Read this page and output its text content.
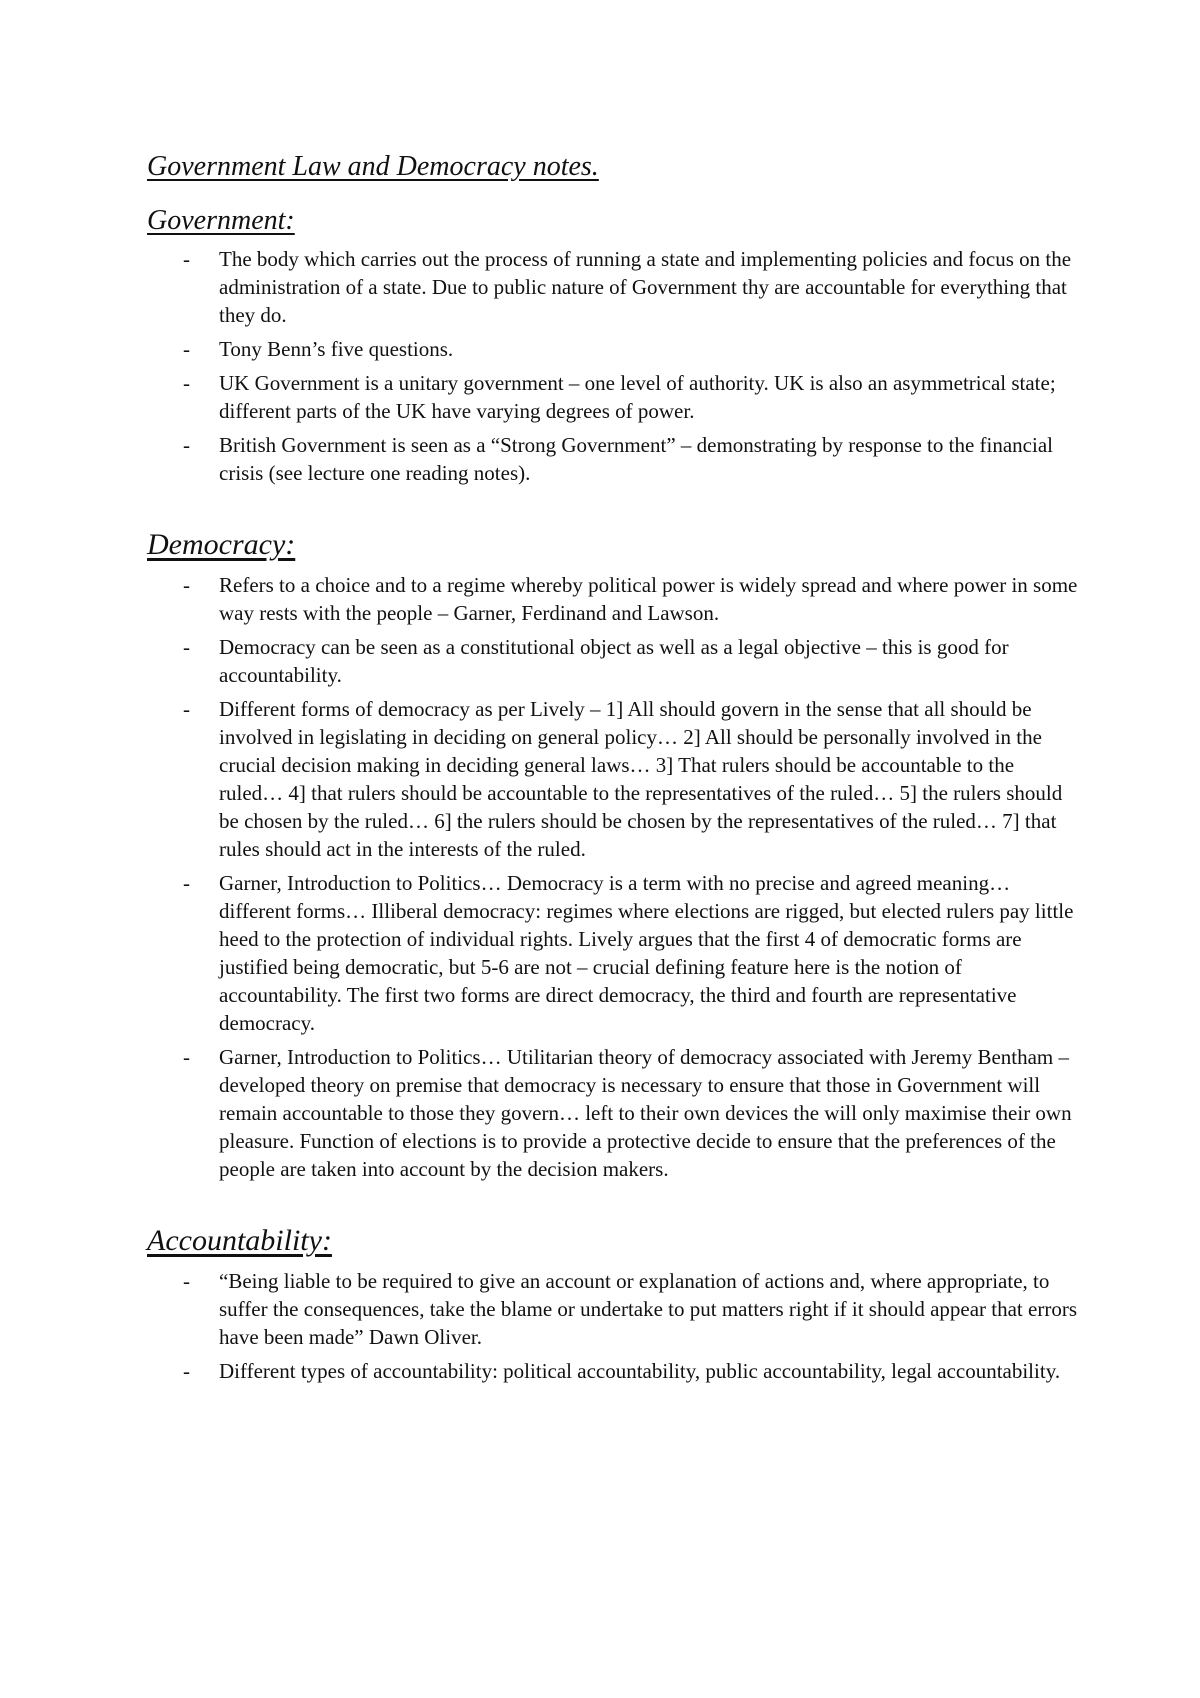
Government Law and Democracy notes.
Government:
- The body which carries out the process of running a state and implementing policies and focus on the administration of a state. Due to public nature of Government thy are accountable for everything that they do.
- Tony Benn’s five questions.
- UK Government is a unitary government – one level of authority. UK is also an asymmetrical state; different parts of the UK have varying degrees of power.
- British Government is seen as a “Strong Government” – demonstrating by response to the financial crisis (see lecture one reading notes).
Democracy:
- Refers to a choice and to a regime whereby political power is widely spread and where power in some way rests with the people – Garner, Ferdinand and Lawson.
- Democracy can be seen as a constitutional object as well as a legal objective – this is good for accountability.
- Different forms of democracy as per Lively – 1] All should govern in the sense that all should be involved in legislating in deciding on general policy… 2] All should be personally involved in the crucial decision making in deciding general laws… 3] That rulers should be accountable to the ruled… 4] that rulers should be accountable to the representatives of the ruled… 5] the rulers should be chosen by the ruled… 6] the rulers should be chosen by the representatives of the ruled… 7] that rules should act in the interests of the ruled.
- Garner, Introduction to Politics… Democracy is a term with no precise and agreed meaning… different forms… Illiberal democracy: regimes where elections are rigged, but elected rulers pay little heed to the protection of individual rights. Lively argues that the first 4 of democratic forms are justified being democratic, but 5-6 are not – crucial defining feature here is the notion of accountability. The first two forms are direct democracy, the third and fourth are representative democracy.
- Garner, Introduction to Politics… Utilitarian theory of democracy associated with Jeremy Bentham – developed theory on premise that democracy is necessary to ensure that those in Government will remain accountable to those they govern… left to their own devices the will only maximise their own pleasure. Function of elections is to provide a protective decide to ensure that the preferences of the people are taken into account by the decision makers.
Accountability:
- “Being liable to be required to give an account or explanation of actions and, where appropriate, to suffer the consequences, take the blame or undertake to put matters right if it should appear that errors have been made” Dawn Oliver.
- Different types of accountability: political accountability, public accountability, legal accountability.
